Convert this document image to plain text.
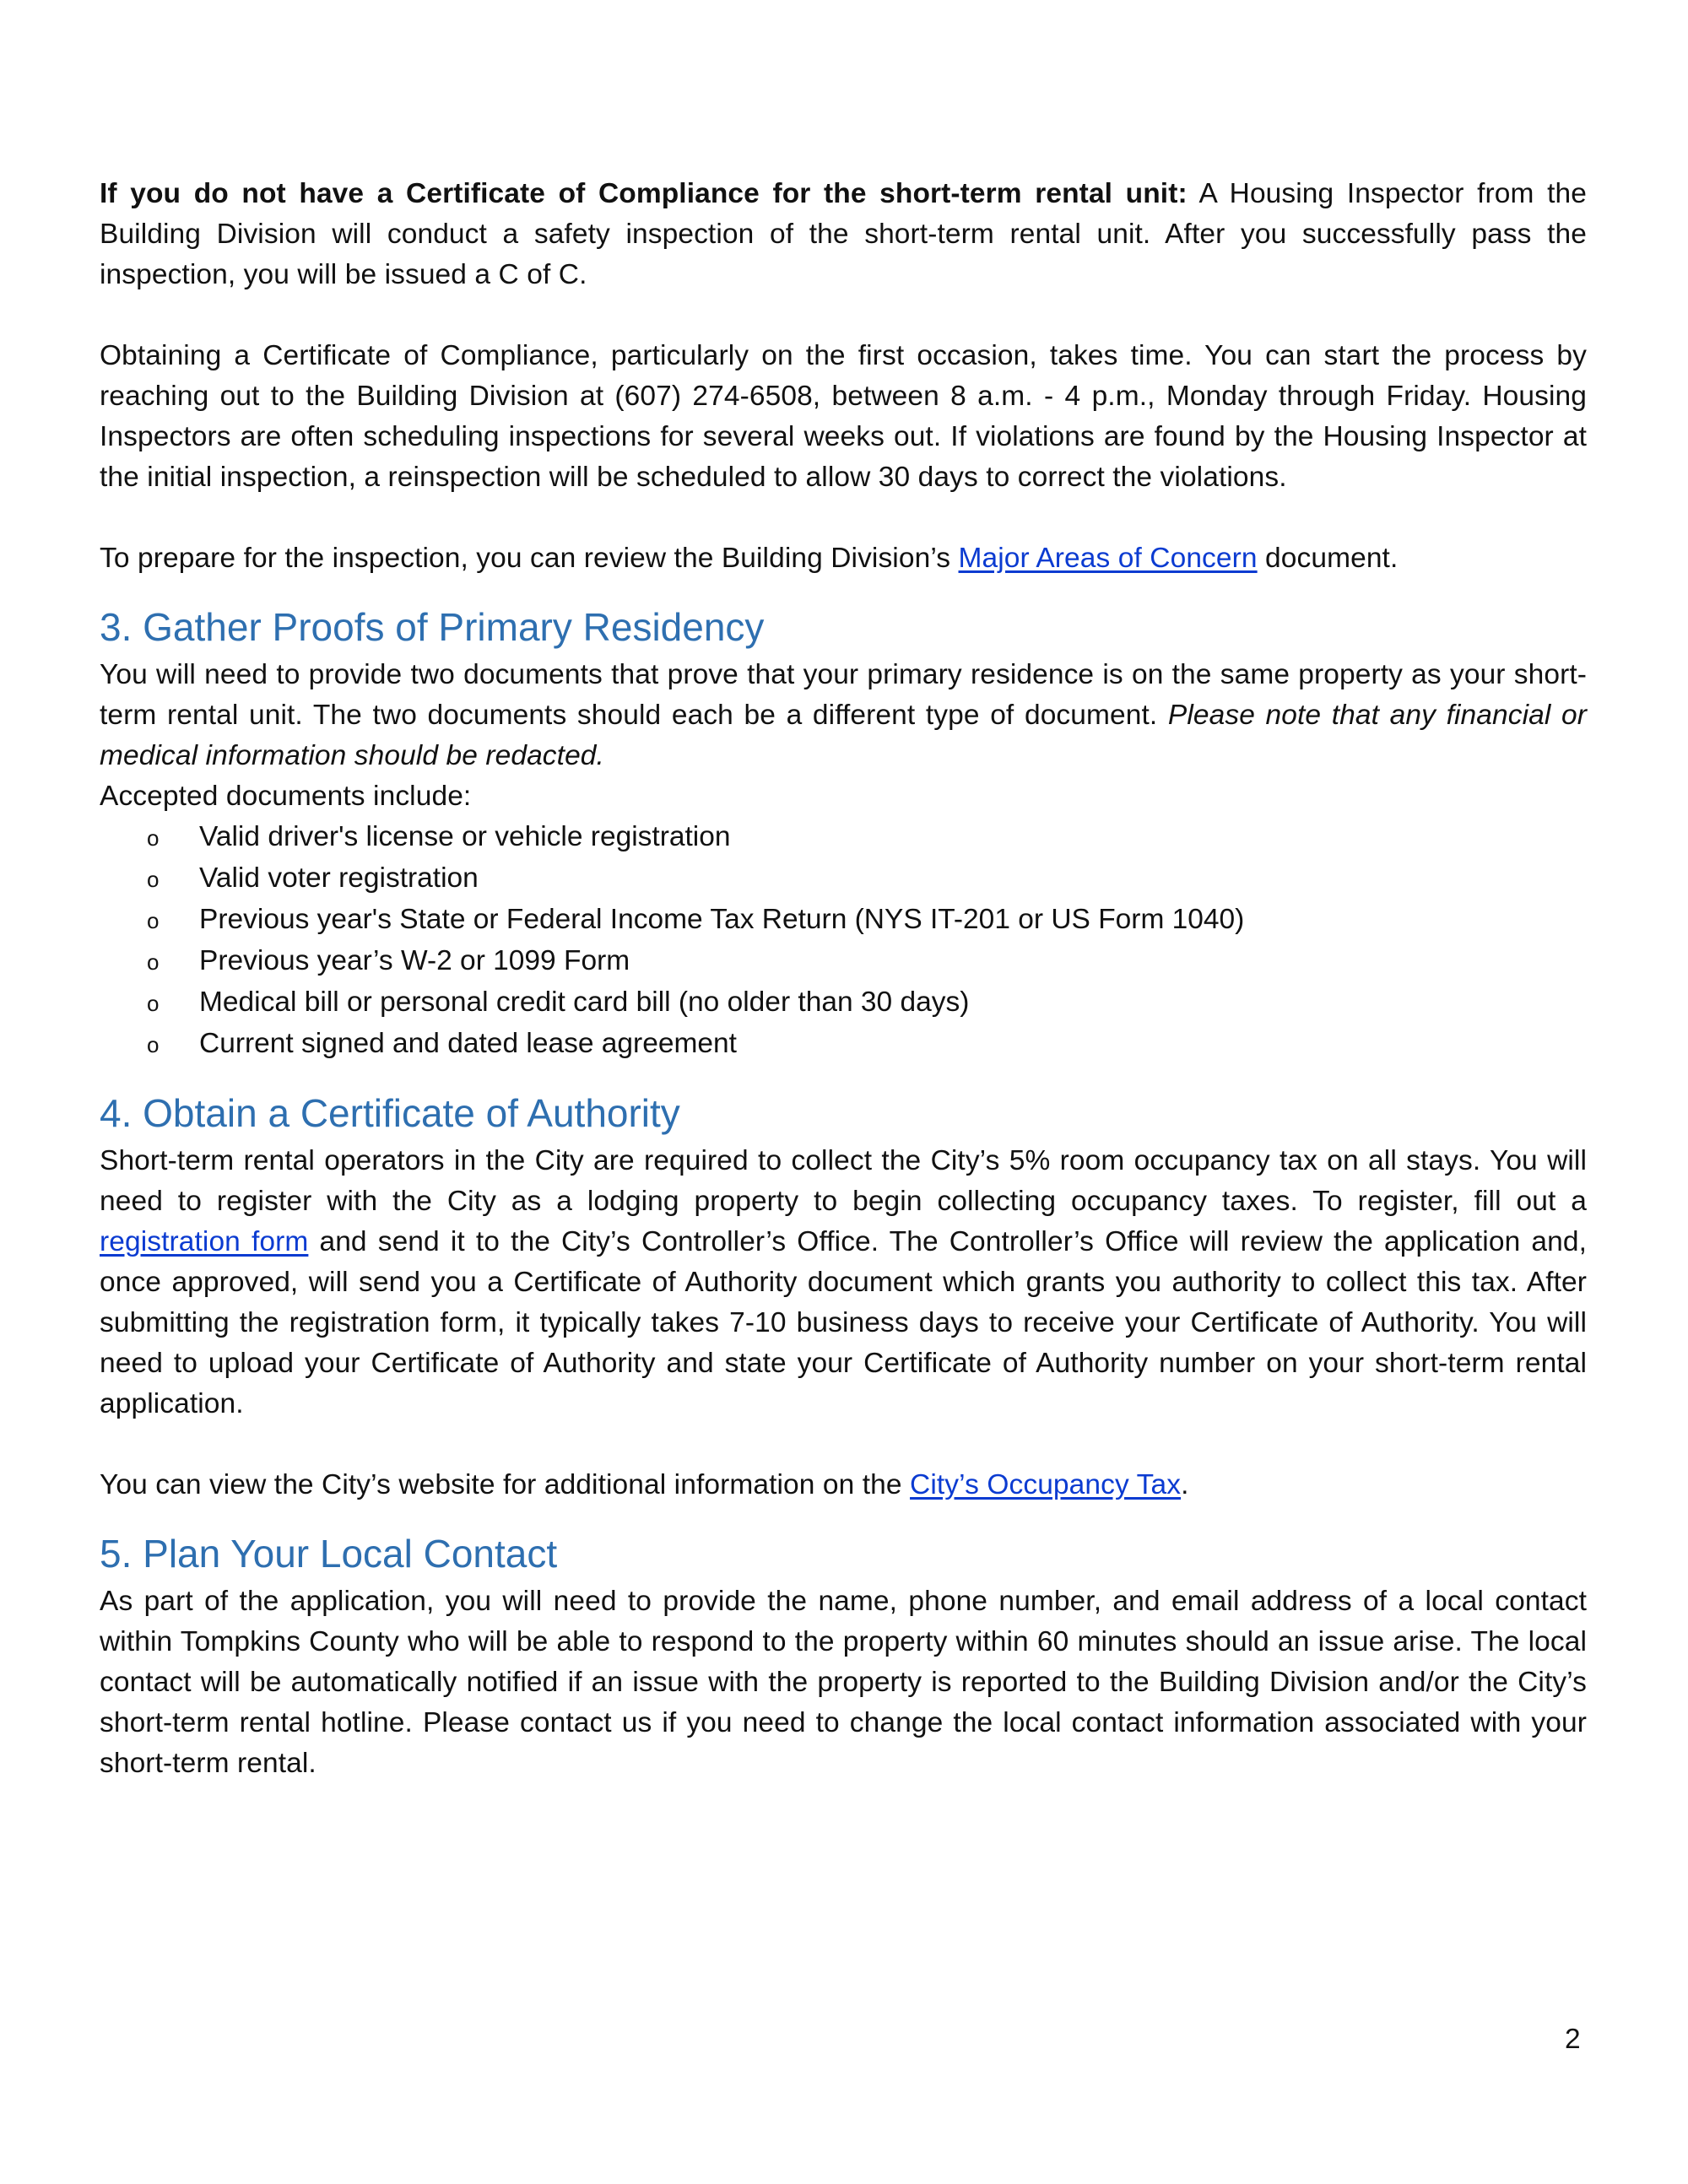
If you do not have a Certificate of Compliance for the short-term rental unit: A Housing Inspector from the Building Division will conduct a safety inspection of the short-term rental unit. After you successfully pass the inspection, you will be issued a C of C.
Obtaining a Certificate of Compliance, particularly on the first occasion, takes time. You can start the process by reaching out to the Building Division at (607) 274-6508, between 8 a.m. - 4 p.m., Monday through Friday. Housing Inspectors are often scheduling inspections for several weeks out. If violations are found by the Housing Inspector at the initial inspection, a reinspection will be scheduled to allow 30 days to correct the violations.
To prepare for the inspection, you can review the Building Division’s Major Areas of Concern document.
3. Gather Proofs of Primary Residency

You will need to provide two documents that prove that your primary residence is on the same property as your short-term rental unit. The two documents should each be a different type of document. Please note that any financial or medical information should be redacted.

Accepted documents include:

o	Valid driver's license or vehicle registration
o	Valid voter registration
o	Previous year's State or Federal Income Tax Return (NYS IT-201 or US Form 1040)
o	Previous year’s W-2 or 1099 Form
o	Medical bill or personal credit card bill (no older than 30 days)
o	Current signed and dated lease agreement
4. Obtain a Certificate of Authority
Short-term rental operators in the City are required to collect the City’s 5% room occupancy tax on all stays. You will need to register with the City as a lodging property to begin collecting occupancy taxes. To register, fill out a registration form and send it to the City’s Controller’s Office. The Controller’s Office will review the application and, once approved, will send you a Certificate of Authority document which grants you authority to collect this tax. After submitting the registration form, it typically takes 7-10 business days to receive your Certificate of Authority. You will need to upload your Certificate of Authority and state your Certificate of Authority number on your short-term rental application.
You can view the City’s website for additional information on the City’s Occupancy Tax.
5. Plan Your Local Contact

As part of the application, you will need to provide the name, phone number, and email address of a local contact within Tompkins County who will be able to respond to the property within 60 minutes should an issue arise. The local contact will be automatically notified if an issue with the property is reported to the Building Division and/or the City’s short-term rental hotline. Please contact us if you need to change the local contact information associated with your short-term rental.

2
